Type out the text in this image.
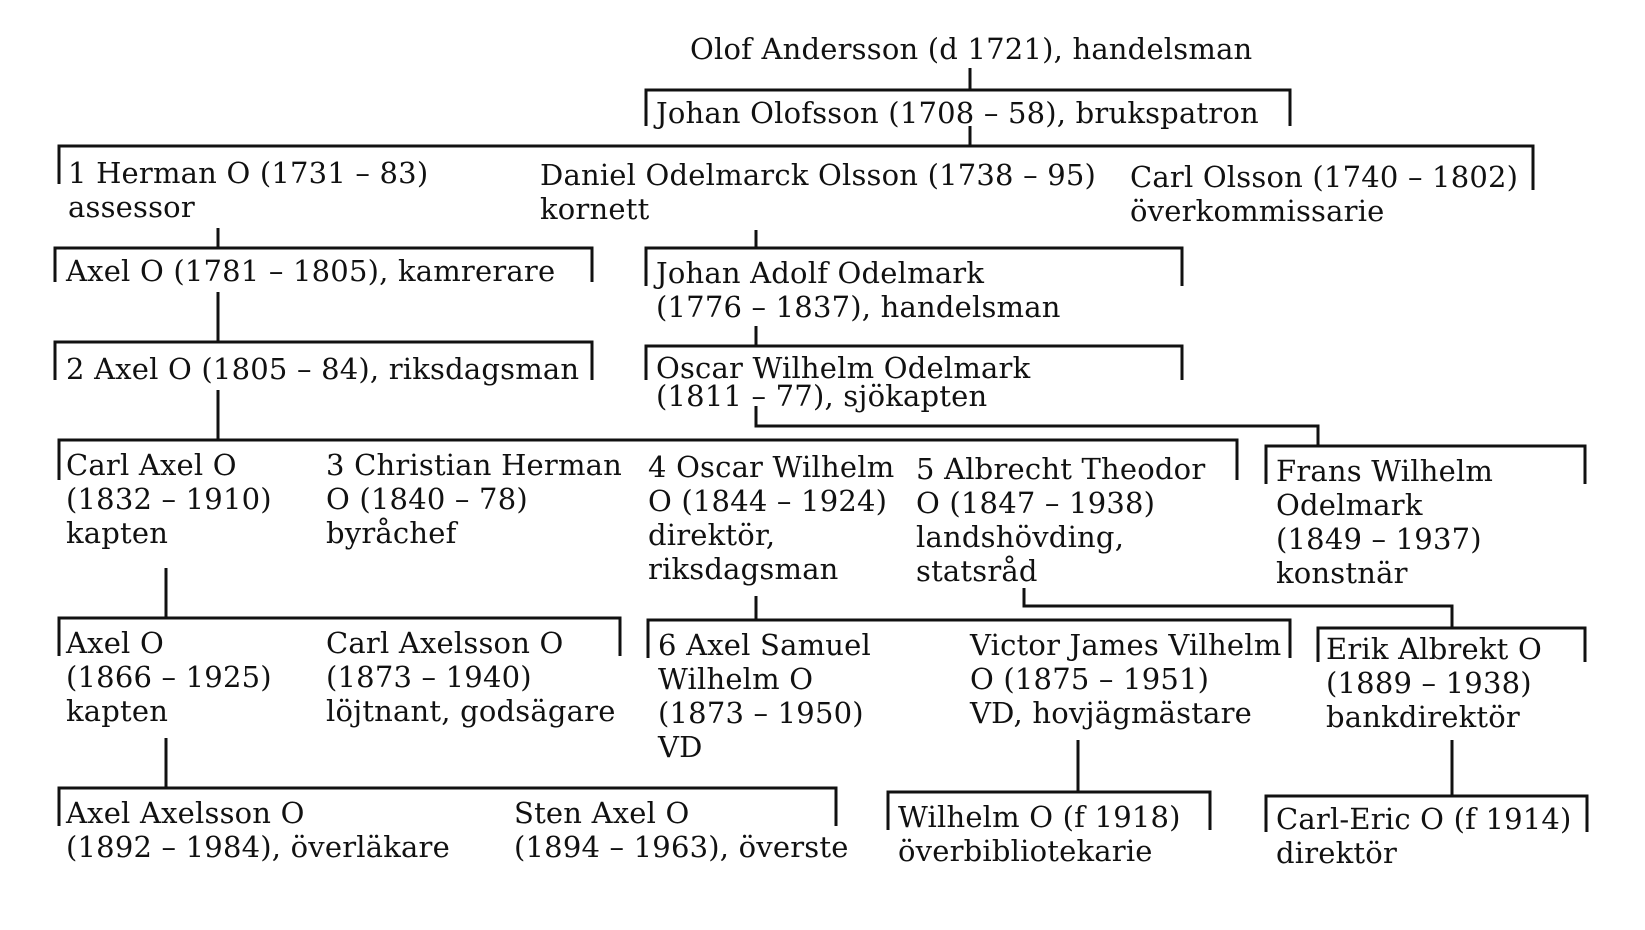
Olof Andersson (d 1721), handelsman
Johan Olofsson (1708 – 58), brukspatron
1 Herman O (1731 – 83)
assessor
Daniel Odelmarck Olsson (1738 – 95)
kornett
Carl Olsson (1740 – 1802)
överkommissarie
Axel O (1781 – 1805), kamrerare	Johan Adolf Odelmark
(1776 – 1837), handelsman
2 Axel O (1805 – 84), riksdagsman	Oscar Wilhelm Odelmark
(1811 – 77), sjökapten
Carl Axel O
(1832 – 1910)
kapten
3 Christian Herman
O (1840 – 78)
byråchef
4 Oscar Wilhelm
O (1844 – 1924)
direktör,
riksdagsman
5 Albrecht Theodor
O (1847 – 1938)
landshövding,
statsråd
Frans Wilhelm
Odelmark
(1849 – 1937)
konstnär
Axel O
(1866 – 1925)
kapten
Carl Axelsson O
(1873 – 1940)
löjtnant, godsägare
6 Axel Samuel
Wilhelm O
(1873 – 1950)
VD
Victor James Vilhelm
O (1875 – 1951)
VD, hovjägmästare
Erik Albrekt O
(1889 – 1938)
bankdirektör
Axel Axelsson O
(1892 – 1984), överläkare
Sten Axel O
(1894 – 1963), överste
Wilhelm O (f 1918)
överbibliotekarie
Carl-Eric O (f 1914)
direktör
